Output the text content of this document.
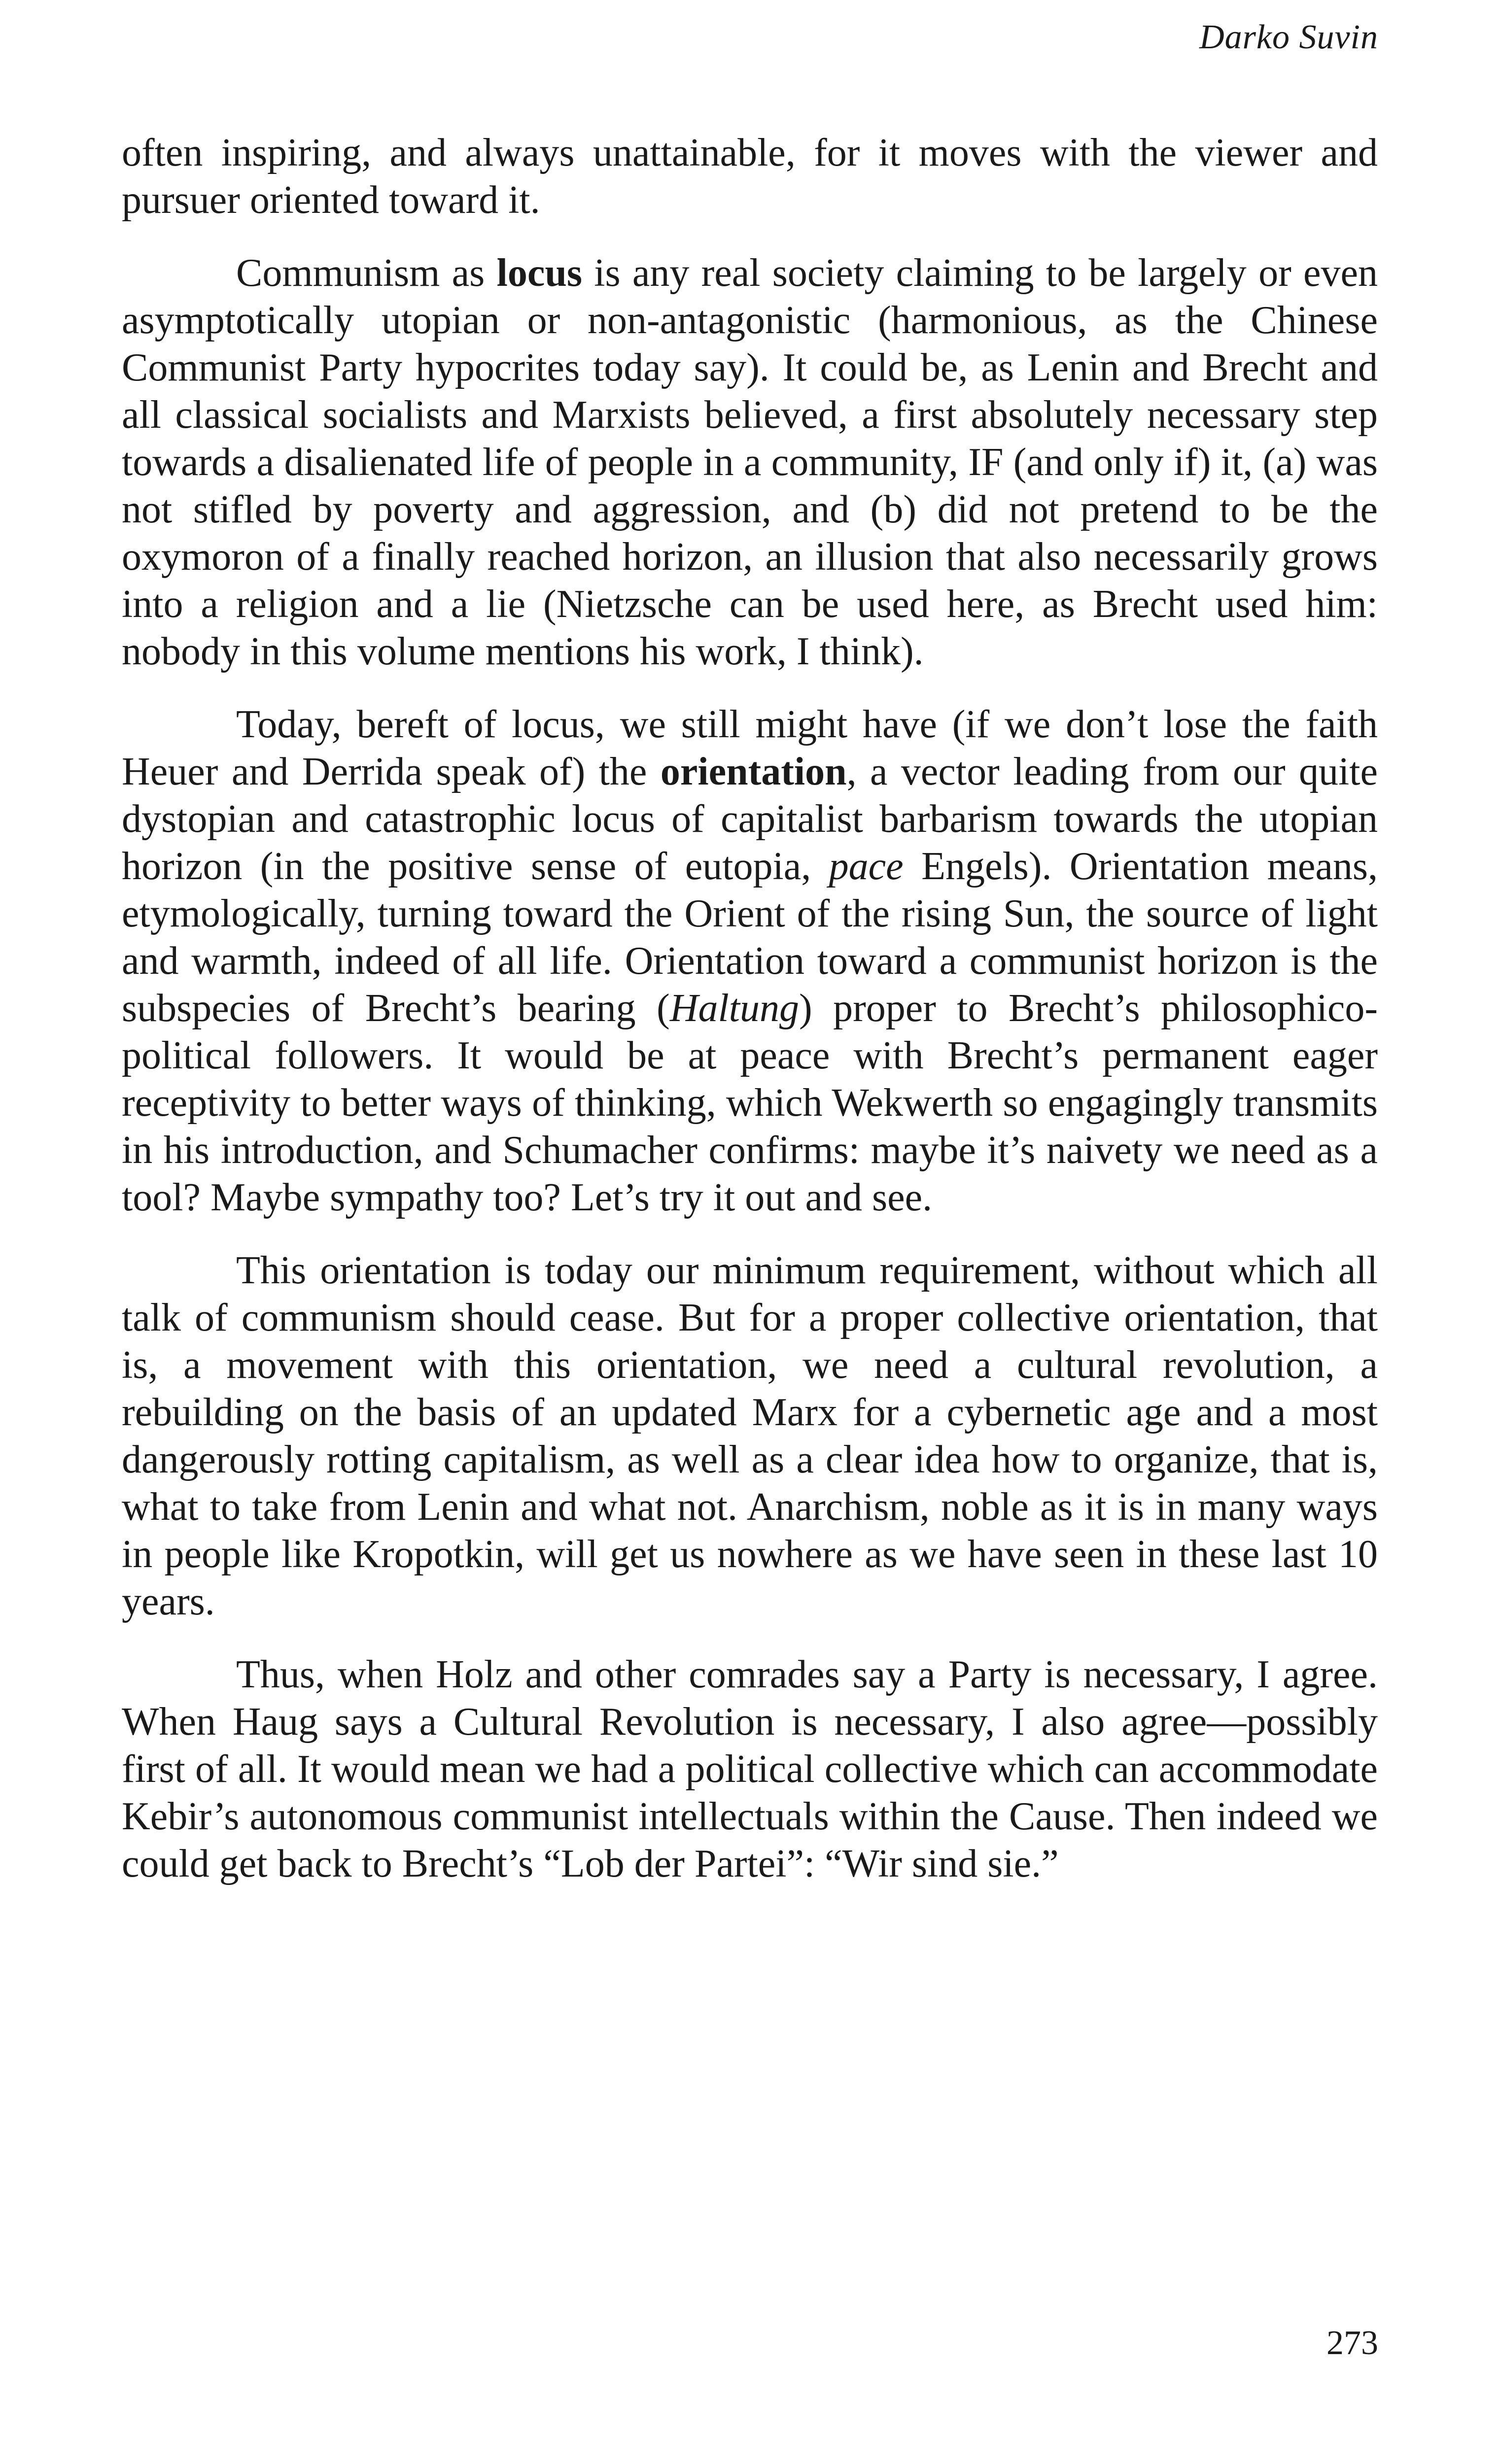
Darko Suvin

often inspiring, and always unattainable, for it moves with the viewer and pursuer oriented toward it.

Communism as locus is any real society claiming to be largely or even asymptotically utopian or non-antagonistic (harmonious, as the Chinese Communist Party hypocrites today say). It could be, as Lenin and Brecht and all classical socialists and Marxists believed, a first absolutely necessary step towards a disalienated life of people in a community, IF (and only if) it, (a) was not stifled by poverty and aggression, and (b) did not pretend to be the oxymoron of a finally reached horizon, an illusion that also necessarily grows into a religion and a lie (Nietzsche can be used here, as Brecht used him: nobody in this volume mentions his work, I think).

Today, bereft of locus, we still might have (if we don’t lose the faith Heuer and Derrida speak of) the orientation, a vector leading from our quite dystopian and catastrophic locus of capitalist barbarism towards the utopian horizon (in the positive sense of eutopia, pace Engels). Orientation means, etymologically, turning toward the Orient of the rising Sun, the source of light and warmth, indeed of all life. Orientation toward a communist horizon is the subspecies of Brecht’s bearing (Haltung) proper to Brecht’s philosophico-political followers. It would be at peace with Brecht’s permanent eager receptivity to better ways of thinking, which Wekwerth so engagingly transmits in his introduction, and Schumacher confirms: maybe it’s naivety we need as a tool? Maybe sympathy too? Let’s try it out and see.

This orientation is today our minimum requirement, without which all talk of communism should cease. But for a proper collective orientation, that is, a movement with this orientation, we need a cultural revolution, a rebuilding on the basis of an updated Marx for a cybernetic age and a most dangerously rotting capitalism, as well as a clear idea how to organize, that is, what to take from Lenin and what not. Anarchism, noble as it is in many ways in people like Kropotkin, will get us nowhere as we have seen in these last 10 years.

Thus, when Holz and other comrades say a Party is necessary, I agree. When Haug says a Cultural Revolution is necessary, I also agree—possibly first of all. It would mean we had a political collective which can accommodate Kebir’s autonomous communist intellectuals within the Cause. Then indeed we could get back to Brecht’s “Lob der Partei”: “Wir sind sie.”

273
